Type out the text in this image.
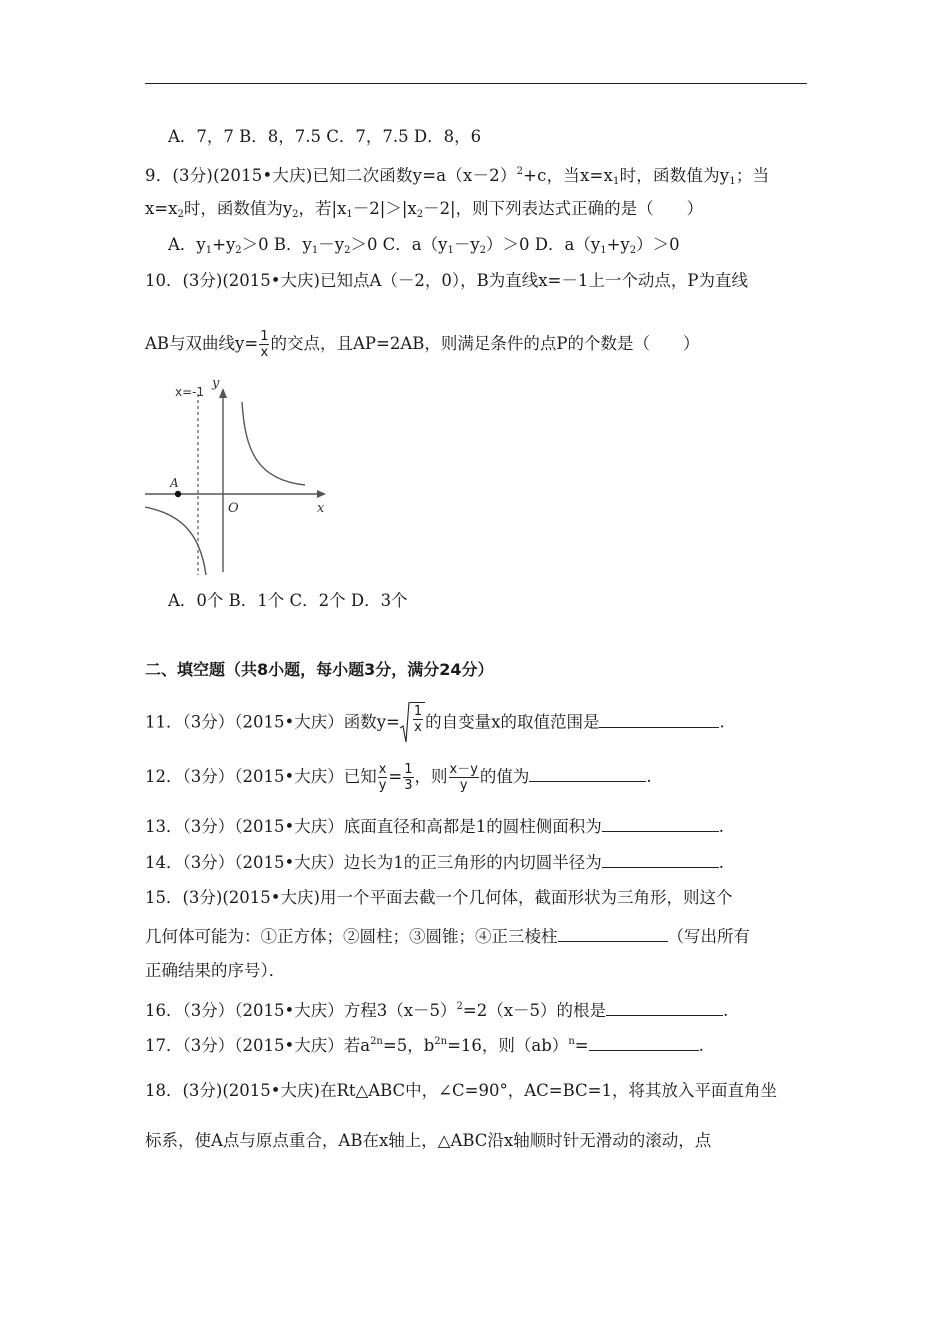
A．7，7 B．8，7.5 C．7，7.5 D．8，6
9．(3分)(2015•大庆)已知二次函数$y=a(x-2)^2+c$，当$x=x_1$时，函数值为$y_1$；当
$x=x_2$时，函数值为$y_2$，若$|x_1-2|>|x_2-2|$，则下列表达式正确的是（　　）
A．$y_1+y_2>0$ B．$y_1-y_2>0$ C．$a(y_1-y_2)>0$ D．$a(y_1+y_2)>0$
10．(3分)(2015•大庆)已知点A（－2，0），B为直线x=－1上一个动点，P为直线
AB与双曲线$y= \frac{1}{x}$ 的交点，且AP=2AB，则满足条件的点P的个数是（　　）
x=-1
y
x
O
A
A．0个 B．1个 C．2个 D．3个
二、填空题（共8小题，每小题3分，满分24分）
11．（3分）（2015•大庆）函数$y= \frac{1}{x}$ 的自变量x的取值范围是	.
12．（3分）（2015•大庆）已知 $\frac{x}{y} = \frac{1}{3}$ ，则 $\frac{x-y}{y}$ 的值为	.
13．（3分）（2015•大庆）底面直径和高都是1的圆柱侧面积为	.
14．（3分）（2015•大庆）边长为1的正三角形的内切圆半径为	.
15．(3分)(2015•大庆)用一个平面去截一个几何体，截面形状为三角形，则这个
几何体可能为：①正方体；②圆柱；③圆锥；④正三棱柱	（写出所有
正确结果的序号）．
16．（3分）（2015•大庆）方程$3(x-5)^2=2(x-5)$的根是	.
17．（3分）（2015•大庆）若$a^{2n}=5$，$b^{2n}=16$，则（ab）$^n$=	.
18．(3分)(2015•大庆)在Rt△ABC中，∠C=90°，AC=BC=1，将其放入平面直角坐
标系，使A点与原点重合，AB在x轴上，△ABC沿x轴顺时针无滑动的滚动，点
